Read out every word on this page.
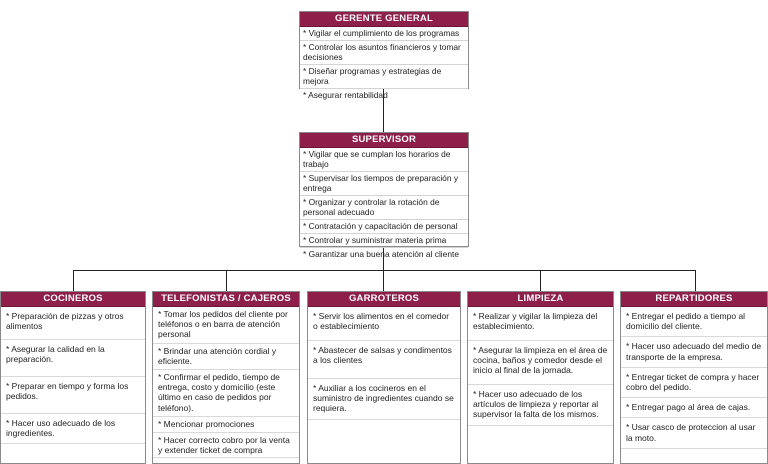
GERENTE GENERAL
* Vigilar el cumplimiento de los programas
* Controlar los asuntos financieros y tomar decisiones
* Diseñar programas y estrategias de mejora
* Asegurar rentabilidad
SUPERVISOR
* Vigilar que se cumplan los horarios de trabajo
* Supervisar los tiempos de preparación y entrega
* Organizar y controlar la rotación de personal adecuado
* Contratación y capacitación de personal
* Controlar y suministrar materia prima
* Garantizar una buena atención al cliente
COCINEROS
* Preparación de pizzas y otros alimentos
* Asegurar la calidad en la preparación.
* Preparar en tiempo y forma los pedidos.
* Hacer uso adecuado de los ingredientes.
TELEFONISTAS / CAJEROS
* Tomar los pedidos del cliente por teléfonos o en barra de atención personal
* Brindar una atención cordial y eficiente.
* Confirmar el pedido, tiempo de entrega, costo y domicilio (este último en caso de pedidos por teléfono).
* Mencionar promociones
* Hacer correcto cobro por la venta y extender ticket de compra
GARROTEROS
* Servir los alimentos en el comedor o establecimiento
* Abastecer de salsas y condimentos a los clientes
* Auxiliar a los cocineros en el suministro de ingredientes cuando se requiera.
LIMPIEZA
* Realizar y vigilar la limpieza del establecimiento.
* Asegurar la limpieza en el área de cocina, baños y comedor desde el inicio al final de la jornada.
* Hacer uso adecuado de los artículos de limpieza y reportar al supervisor la falta de los mismos.
REPARTIDORES
* Entregar el pedido a tiempo al domicilio del cliente.
* Hacer uso adecuado del medio de transporte de la empresa.
* Entregar ticket de compra y hacer cobro del pedido.
* Entregar pago al área de cajas.
* Usar casco de proteccion al usar la moto.
